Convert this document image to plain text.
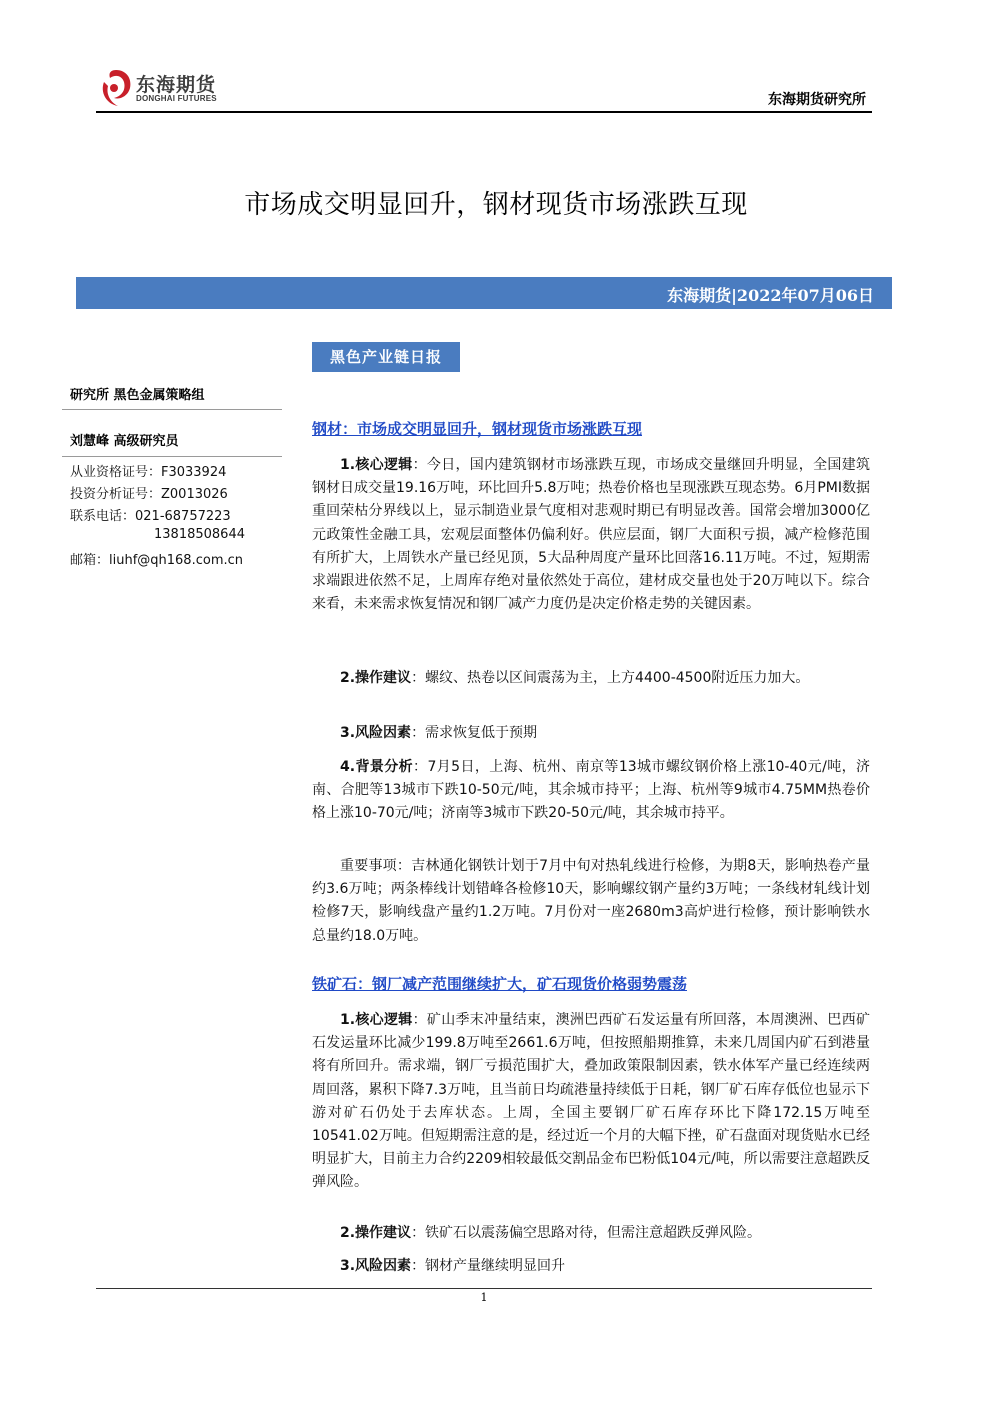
东海期货
DONGHAI FUTURES	东海期货研究所
市场成交明显回升，钢材现货市场涨跌互现
东海期货|2022年07月06日
黑色产业链日报
研究所 黑色金属策略组
刘慧峰 高级研究员
从业资格证号：F3033924
投资分析证号：Z0013026
联系电话：021-68757223
13818508644
邮箱：liuhf@qh168.com.cn
钢材：市场成交明显回升，钢材现货市场涨跌互现
1.核心逻辑：今日，国内建筑钢材市场涨跌互现，市场成交量继回升明显，全国建筑钢材日成交量19.16万吨，环比回升5.8万吨；热卷价格也呈现涨跌互现态势。6月PMI数据重回荣枯分界线以上，显示制造业景气度相对悲观时期已有明显改善。国常会增加3000亿元政策性金融工具，宏观层面整体仍偏利好。供应层面，钢厂大面积亏损，减产检修范围有所扩大，上周铁水产量已经见顶，5大品种周度产量环比回落16.11万吨。不过，短期需求端跟进依然不足，上周库存绝对量依然处于高位，建材成交量也处于20万吨以下。综合来看，未来需求恢复情况和钢厂减产力度仍是决定价格走势的关键因素。
2.操作建议：螺纹、热卷以区间震荡为主，上方4400-4500附近压力加大。
3.风险因素：需求恢复低于预期
4.背景分析：7月5日，上海、杭州、南京等13城市螺纹钢价格上涨10-40元/吨，济南、合肥等13城市下跌10-50元/吨，其余城市持平；上海、杭州等9城市4.75MM热卷价格上涨10-70元/吨；济南等3城市下跌20-50元/吨，其余城市持平。
重要事项：吉林通化钢铁计划于7月中旬对热轧线进行检修，为期8天，影响热卷产量约3.6万吨；两条棒线计划错峰各检修10天，影响螺纹钢产量约3万吨；一条线材轧线计划检修7天，影响线盘产量约1.2万吨。7月份对一座2680m3高炉进行检修，预计影响铁水总量约18.0万吨。
铁矿石：钢厂减产范围继续扩大，矿石现货价格弱势震荡
1.核心逻辑：矿山季末冲量结束，澳洲巴西矿石发运量有所回落，本周澳洲、巴西矿石发运量环比减少199.8万吨至2661.6万吨，但按照船期推算，未来几周国内矿石到港量将有所回升。需求端，钢厂亏损范围扩大，叠加政策限制因素，铁水体军产量已经连续两周回落，累积下降7.3万吨，且当前日均疏港量持续低于日耗，钢厂矿石库存低位也显示下游对矿石仍处于去库状态。上周，全国主要钢厂矿石库存环比下降172.15万吨至10541.02万吨。但短期需注意的是，经过近一个月的大幅下挫，矿石盘面对现货贴水已经明显扩大，目前主力合约2209相较最低交割品金布巴粉低104元/吨，所以需要注意超跌反弹风险。
2.操作建议：铁矿石以震荡偏空思路对待，但需注意超跌反弹风险。
3.风险因素：钢材产量继续明显回升
1
